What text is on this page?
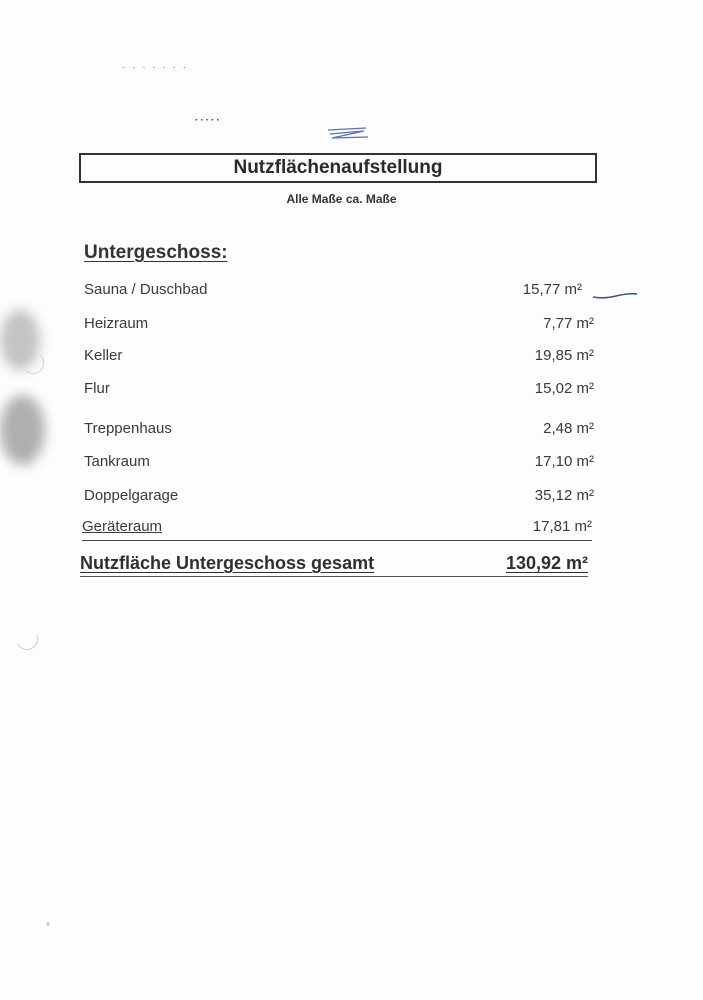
· · · · · · ·
·····
Nutzflächenaufstellung
Alle Maße ca. Maße
Untergeschoss:
Sauna / Duschbad	15,77 m²
Heizraum	7,77 m²
Keller	19,85 m²
Flur	15,02 m²
Treppenhaus	2,48 m²
Tankraum	17,10 m²
Doppelgarage	35,12 m²
Geräteraum	17,81 m²
Nutzfläche Untergeschoss gesamt	130,92 m²
°
